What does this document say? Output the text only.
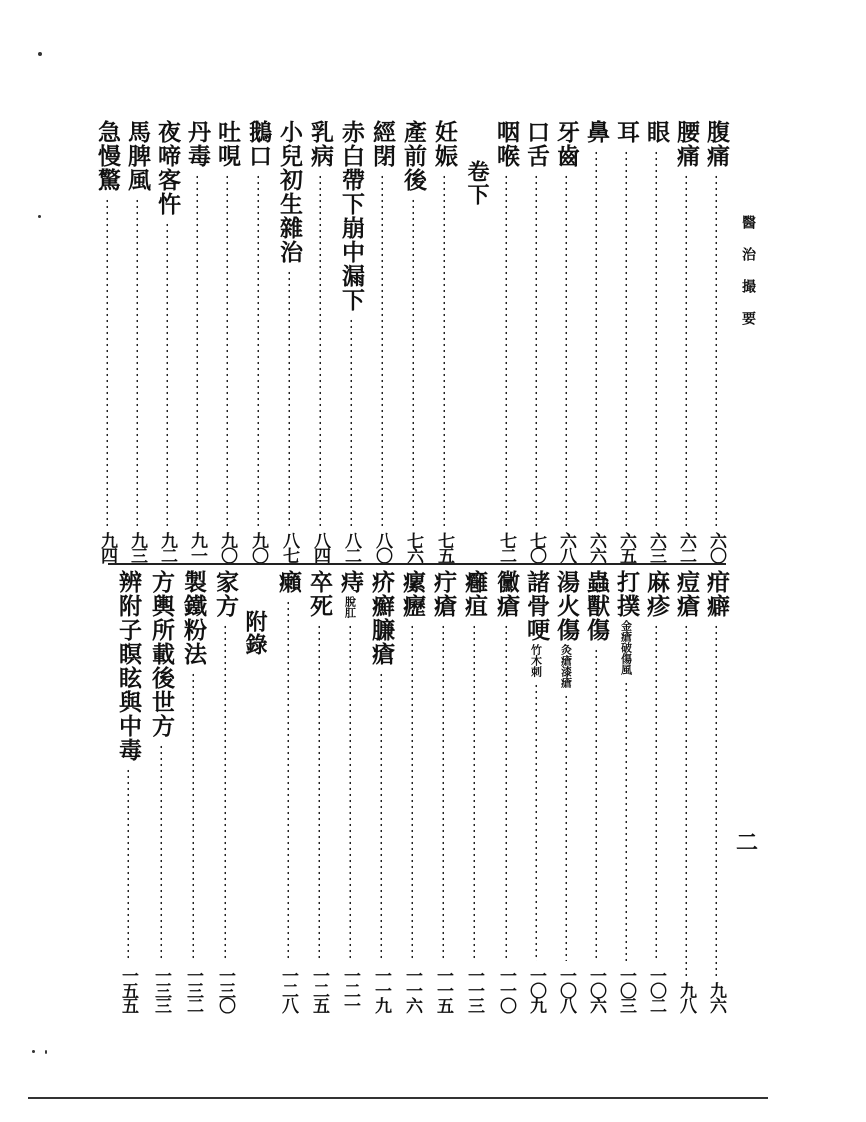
腹痛
六〇
腰痛
六二
眼
六三
耳
六五
鼻
六六
牙齒
六八
口舌
七〇
咽喉
七二
卷下
妊娠
七五
產前後
七六
經閉
八〇
赤白帶下崩中漏下
八二
乳病
八四
小兒初生雜治
八七
鵝口
九〇
吐哯
九〇
丹毒
九一
夜啼客忤
九二
馬脾風
九三
急慢驚
九四
疳癖
九六
痘瘡
九八
麻疹
一〇二
打撲
金瘡破傷風
一〇三
蟲獸傷
一〇六
湯火傷
灸瘡漆瘡
一〇八
諸骨哽
竹木刺
一〇九
黴瘡
一一〇
癰疽
一一三
疔瘡
一一五
瘰癧
一一六
疥癬臁瘡
一一九
痔
脫肛
一二一
卒死
一二五
癩
一二八
附錄
家方
一三〇
製鐵粉法
一三二
方輿所載後世方
一三三
辨附子瞑眩與中毒
一五五
醫治撮要
二
